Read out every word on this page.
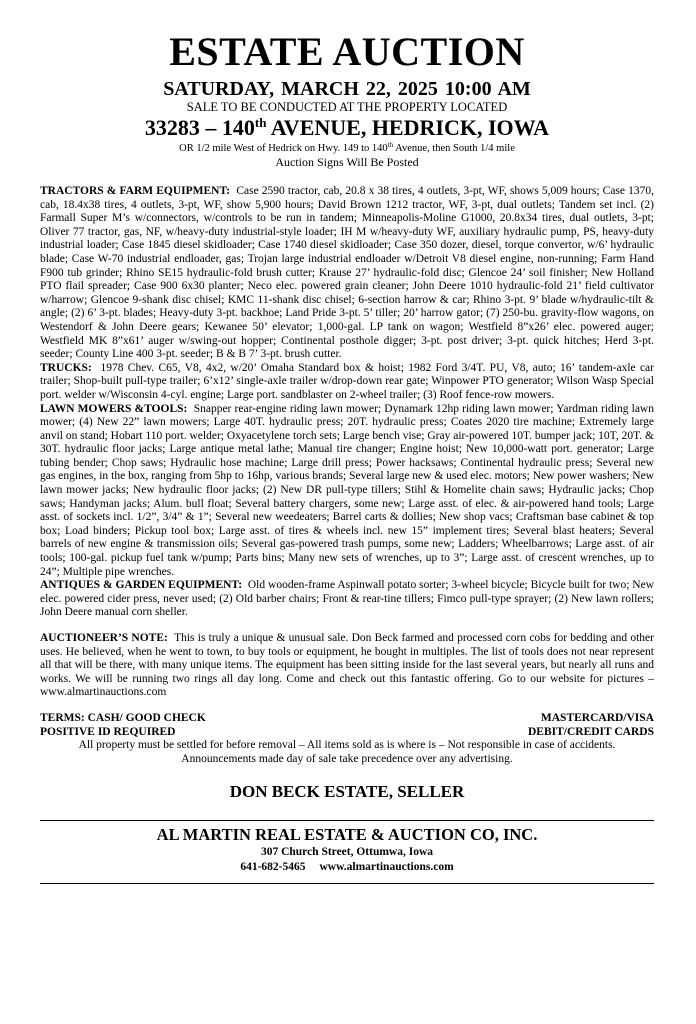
ESTATE AUCTION
SATURDAY, MARCH 22, 2025 10:00 AM
SALE TO BE CONDUCTED AT THE PROPERTY LOCATED
33283 – 140th AVENUE, HEDRICK, IOWA
OR 1/2 mile West of Hedrick on Hwy. 149 to 140th Avenue, then South 1/4 mile
Auction Signs Will Be Posted

TRACTORS & FARM EQUIPMENT: Case 2590 tractor, cab, 20.8 x 38 tires, 4 outlets, 3-pt, WF, shows 5,009 hours; Case 1370, cab, 18.4x38 tires, 4 outlets, 3-pt, WF, show 5,900 hours; David Brown 1212 tractor, WF, 3-pt, dual outlets; Tandem set incl. (2) Farmall Super M’s w/connectors, w/controls to be run in tandem; Minneapolis-Moline G1000, 20.8x34 tires, dual outlets, 3-pt; Oliver 77 tractor, gas, NF, w/heavy-duty industrial-style loader; IH M w/heavy-duty WF, auxiliary hydraulic pump, PS, heavy-duty industrial loader; Case 1845 diesel skidloader; Case 1740 diesel skidloader; Case 350 dozer, diesel, torque convertor, w/6’ hydraulic blade; Case W-70 industrial endloader, gas; Trojan large industrial endloader w/Detroit V8 diesel engine, non-running; Farm Hand F900 tub grinder; Rhino SE15 hydraulic-fold brush cutter; Krause 27’ hydraulic-fold disc; Glencoe 24’ soil finisher; New Holland PTO flail spreader; Case 900 6x30 planter; Neco elec. powered grain cleaner; John Deere 1010 hydraulic-fold 21’ field cultivator w/harrow; Glencoe 9-shank disc chisel; KMC 11-shank disc chisel; 6-section harrow & car; Rhino 3-pt. 9’ blade w/hydraulic-tilt & angle; (2) 6’ 3-pt. blades; Heavy-duty 3-pt. backhoe; Land Pride 3-pt. 5’ tiller; 20’ harrow gator; (7) 250-bu. gravity-flow wagons, on Westendorf & John Deere gears; Kewanee 50’ elevator; 1,000-gal. LP tank on wagon; Westfield 8”x26’ elec. powered auger; Westfield MK 8”x61’ auger w/swing-out hopper; Continental posthole digger; 3-pt. post driver; 3-pt. quick hitches; Herd 3-pt. seeder; County Line 400 3-pt. seeder; B & B 7’ 3-pt. brush cutter.

TRUCKS: 1978 Chev. C65, V8, 4x2, w/20’ Omaha Standard box & hoist; 1982 Ford 3/4T. PU, V8, auto; 16’ tandem-axle car trailer; Shop-built pull-type trailer; 6’x12’ single-axle trailer w/drop-down rear gate; Winpower PTO generator; Wilson Wasp Special port. welder w/Wisconsin 4-cyl. engine; Large port. sandblaster on 2-wheel trailer; (3) Roof fence-row mowers.

LAWN MOWERS &TOOLS: Snapper rear-engine riding lawn mower; Dynamark 12hp riding lawn mower; Yardman riding lawn mower; (4) New 22” lawn mowers; Large 40T. hydraulic press; 20T. hydraulic press; Coates 2020 tire machine; Extremely large anvil on stand; Hobart 110 port. welder; Oxyacetylene torch sets; Large bench vise; Gray air-powered 10T. bumper jack; 10T, 20T. & 30T. hydraulic floor jacks; Large antique metal lathe; Manual tire changer; Engine hoist; New 10,000-watt port. generator; Large tubing bender; Chop saws; Hydraulic hose machine; Large drill press; Power hacksaws; Continental hydraulic press; Several new gas engines, in the box, ranging from 5hp to 16hp, various brands; Several large new & used elec. motors; New power washers; New lawn mower jacks; New hydraulic floor jacks; (2) New DR pull-type tillers; Stihl & Homelite chain saws; Hydraulic jacks; Chop saws; Handyman jacks; Alum. bull float; Several battery chargers, some new; Large asst. of elec. & air-powered hand tools; Large asst. of sockets incl. 1/2”, 3/4” & 1”; Several new weedeaters; Barrel carts & dollies; New shop vacs; Craftsman base cabinet & top box; Load binders; Pickup tool box; Large asst. of tires & wheels incl. new 15” implement tires; Several blast heaters; Several barrels of new engine & transmission oils; Several gas-powered trash pumps, some new; Ladders; Wheelbarrows; Large asst. of air tools; 100-gal. pickup fuel tank w/pump; Parts bins; Many new sets of wrenches, up to 3”; Large asst. of crescent wrenches, up to 24”; Multiple pipe wrenches.

ANTIQUES & GARDEN EQUIPMENT: Old wooden-frame Aspinwall potato sorter; 3-wheel bicycle; Bicycle built for two; New elec. powered cider press, never used; (2) Old barber chairs; Front & rear-tine tillers; Fimco pull-type sprayer; (2) New lawn rollers; John Deere manual corn sheller.

AUCTIONEER’S NOTE: This is truly a unique & unusual sale. Don Beck farmed and processed corn cobs for bedding and other uses. He believed, when he went to town, to buy tools or equipment, he bought in multiples. The list of tools does not near represent all that will be there, with many unique items. The equipment has been sitting inside for the last several years, but nearly all runs and works. We will be running two rings all day long. Come and check out this fantastic offering. Go to our website for pictures – www.almartinauctions.com

TERMS: CASH/ GOOD CHECK	MASTERCARD/VISA
POSITIVE ID REQUIRED	DEBIT/CREDIT CARDS
All property must be settled for before removal – All items sold as is where is – Not responsible in case of accidents.
Announcements made day of sale take precedence over any advertising.
DON BECK ESTATE, SELLER
AL MARTIN REAL ESTATE & AUCTION CO, INC.
307 Church Street, Ottumwa, Iowa
641-682-5465 www.almartinauctions.com
